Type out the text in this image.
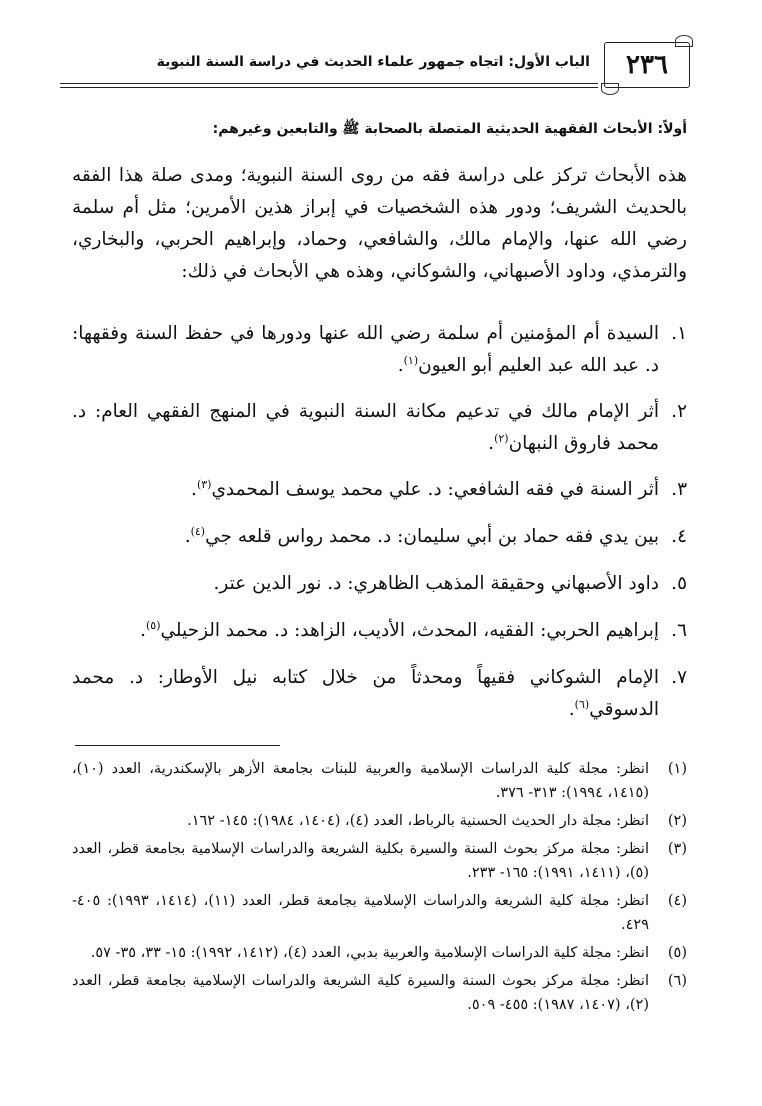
٢٣٦
الباب الأول: اتجاه جمهور علماء الحديث في دراسة السنة النبوية
أولاً: الأبحاث الفقهية الحديثية المتصلة بالصحابة ﷺ والتابعين وغيرهم:

هذه الأبحاث تركز على دراسة فقه من روى السنة النبوية؛ ومدى صلة هذا الفقه بالحديث الشريف؛ ودور هذه الشخصيات في إبراز هذين الأمرين؛ مثل أم سلمة رضي الله عنها، والإمام مالك، والشافعي، وحماد، وإبراهيم الحربي، والبخاري، والترمذي، وداود الأصبهاني، والشوكاني، وهذه هي الأبحاث في ذلك:

١.
السيدة أم المؤمنين أم سلمة رضي الله عنها ودورها في حفظ السنة وفقهها: د. عبد الله عبد العليم أبو العيون$^{(١)}$.
٢.
أثر الإمام مالك في تدعيم مكانة السنة النبوية في المنهج الفقهي العام: د. محمد فاروق النبهان$^{(٢)}$.
٣.
أثر السنة في فقه الشافعي: د. علي محمد يوسف المحمدي$^{(٣)}$.
٤.
بين يدي فقه حماد بن أبي سليمان: د. محمد رواس قلعه جي$^{(٤)}$.
٥.
داود الأصبهاني وحقيقة المذهب الظاهري: د. نور الدين عتر.
٦.
إبراهيم الحربي: الفقيه، المحدث، الأديب، الزاهد: د. محمد الزحيلي$^{(٥)}$.
٧.
الإمام الشوكاني فقيهاً ومحدثاً من خلال كتابه نيل الأوطار: د. محمد الدسوقي$^{(٦)}$.
(١)
انظر: مجلة كلية الدراسات الإسلامية والعربية للبنات بجامعة الأزهر بالإسكندرية، العدد (١٠)، (١٤١٥، ١٩٩٤): ٣١٣- ٣٧٦.
(٢)
انظر: مجلة دار الحديث الحسنية بالرباط، العدد (٤)، (١٤٠٤، ١٩٨٤): ١٤٥- ١٦٢.
(٣)
انظر: مجلة مركز بحوث السنة والسيرة بكلية الشريعة والدراسات الإسلامية بجامعة قطر، العدد (٥)، (١٤١١، ١٩٩١): ١٦٥- ٢٣٣.
(٤)
انظر: مجلة كلية الشريعة والدراسات الإسلامية بجامعة قطر، العدد (١١)، (١٤١٤، ١٩٩٣): ٤٠٥- ٤٢٩.
(٥)
انظر: مجلة كلية الدراسات الإسلامية والعربية بدبي، العدد (٤)، (١٤١٢، ١٩٩٢): ١٥- ٣٣، ٣٥- ٥٧.
(٦)
انظر: مجلة مركز بحوث السنة والسيرة كلية الشريعة والدراسات الإسلامية بجامعة قطر، العدد (٢)، (١٤٠٧، ١٩٨٧): ٤٥٥- ٥٠٩.
